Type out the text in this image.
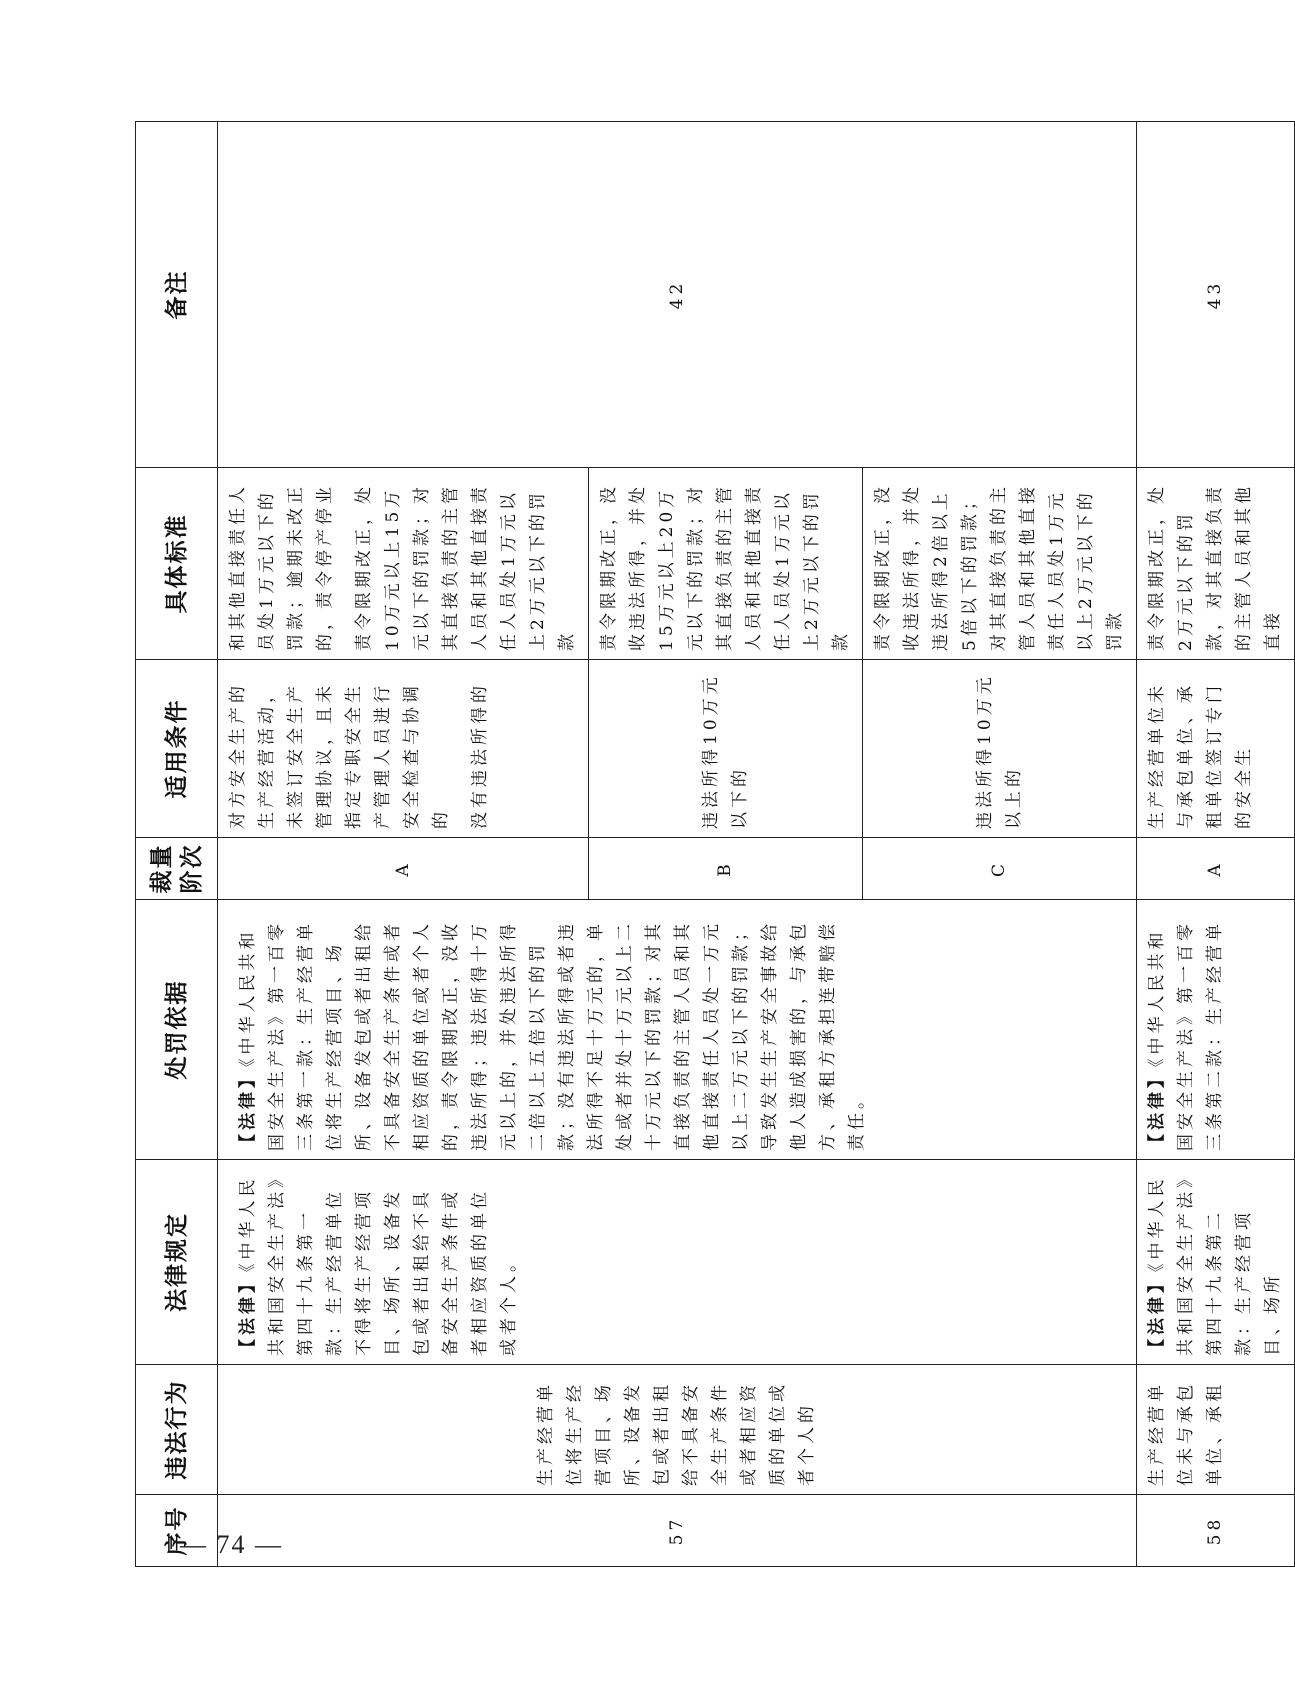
— 74 —
序号	违法行为	法律规定	处罚依据	裁量阶次	适用条件	具体标准	备注
57	生产经营单位将生产经营项目、场所、设备发包或者出租给不具备安全生产条件或者相应资质的单位或者个人的	【法律】《中华人民共和国安全生产法》第四十九条第一款：生产经营单位不得将生产经营项目、场所、设备发包或者出租给不具备安全生产条件或者相应资质的单位或者个人。	【法律】《中华人民共和国安全生产法》第一百零三条第一款：生产经营单位将生产经营项目、场所、设备发包或者出租给不具备安全生产条件或者相应资质的单位或者个人的，责令限期改正，没收违法所得；违法所得十万元以上的，并处违法所得二倍以上五倍以下的罚款；没有违法所得或者违法所得不足十万元的，单处或者并处十万元以上二十万元以下的罚款；对其直接负责的主管人员和其他直接责任人员处一万元以上二万元以下的罚款；导致发生生产安全事故给他人造成损害的，与承包方、承租方承担连带赔偿责任。	A	对方安全生产的生产经营活动，未签订安全生产管理协议，且未指定专职安全生产管理人员进行安全检查与协调的 没有违法所得的	和其他直接责任人员处1万元以下的罚款；逾期未改正的，责令停产停业 责令限期改正，处10万元以上15万元以下的罚款；对其直接负责的主管人员和其他直接责任人员处1万元以上2万元以下的罚款	42
				B	违法所得10万元以下的	责令限期改正，没收违法所得，并处15万元以上20万元以下的罚款；对其直接负责的主管人员和其他直接责任人员处1万元以上2万元以下的罚款	
				C	违法所得10万元以上的	责令限期改正，没收违法所得，并处违法所得2倍以上5倍以下的罚款；对其直接负责的主管人员和其他直接责任人员处1万元以上2万元以下的罚款	
58	生产经营单位未与承包单位、承租	【法律】《中华人民共和国安全生产法》第四十九条第二款：生产经营项目、场所	【法律】《中华人民共和国安全生产法》第一百零三条第二款：生产经营单	A	生产经营单位未与承包单位、承租单位签订专门的安全生	责令限期改正，处2万元以下的罚款，对其直接负责的主管人员和其他直接	43
